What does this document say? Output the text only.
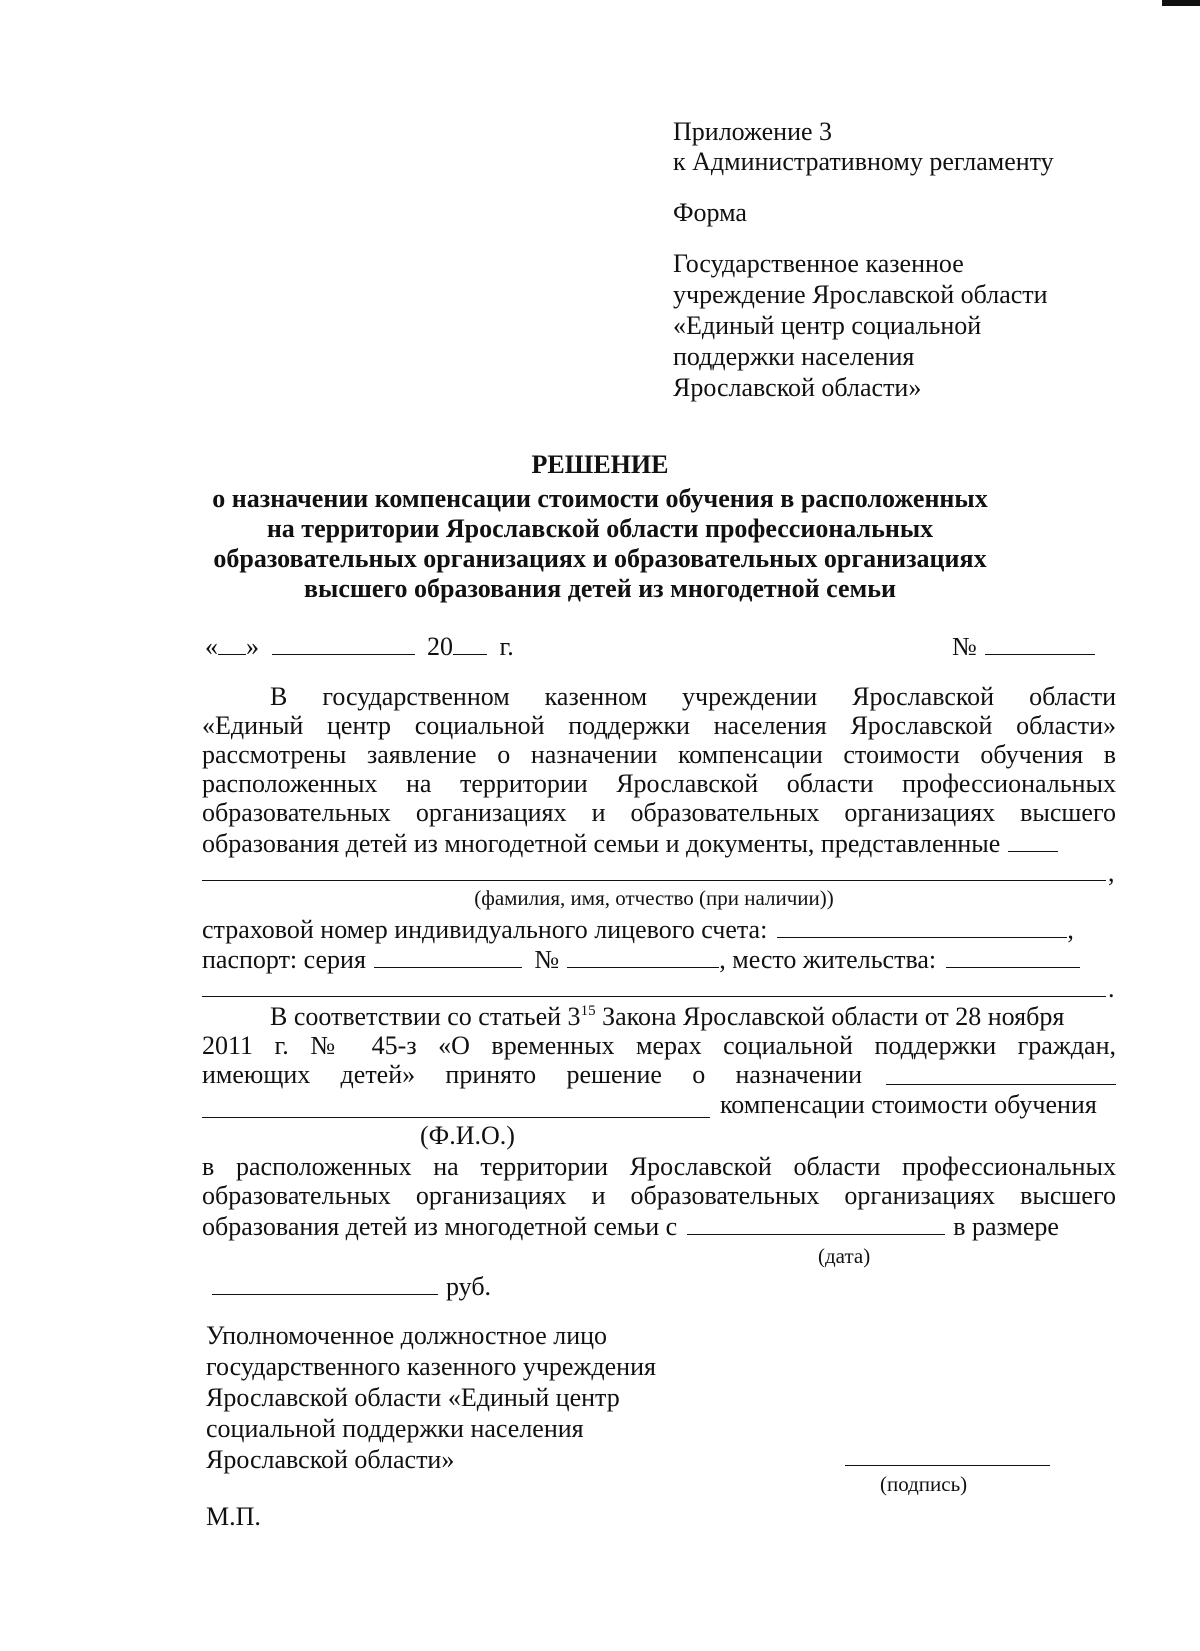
Приложение 3
к Административному регламенту
Форма
Государственное казенное
учреждение Ярославской области
«Единый центр социальной
поддержки населения
Ярославской области»
РЕШЕНИЕ
о назначении компенсации стоимости обучения в расположенных
на территории Ярославской области профессиональных
образовательных организациях и образовательных организациях
высшего образования детей из многодетной семьи
« »	20 г.	№
В государственном казенном учреждении Ярославской области
«Единый центр социальной поддержки населения Ярославской области»
рассмотрены заявление о назначении компенсации стоимости обучения в
расположенных на территории Ярославской области профессиональных
образовательных организациях и образовательных организациях высшего
образования детей из многодетной семьи и документы, представленные
,
(фамилия, имя, отчество (при наличии))
страховой номер индивидуального лицевого счета:	,
паспорт: серия	№	, место жительства:
.
В соответствии со статьей $3^{15}$ Закона Ярославской области от 28 ноября
2011 г. № 45-з «О временных мерах социальной поддержки граждан,
имеющих детей» принято решение о назначении
компенсации стоимости обучения
(Ф.И.О.)
в расположенных на территории Ярославской области профессиональных
образовательных организациях и образовательных организациях высшего
образования детей из многодетной семьи с	в размере
(дата)
руб.
Уполномоченное должностное лицо
государственного казенного учреждения
Ярославской области «Единый центр
социальной поддержки населения
Ярославской области»
(подпись)
М.П.
